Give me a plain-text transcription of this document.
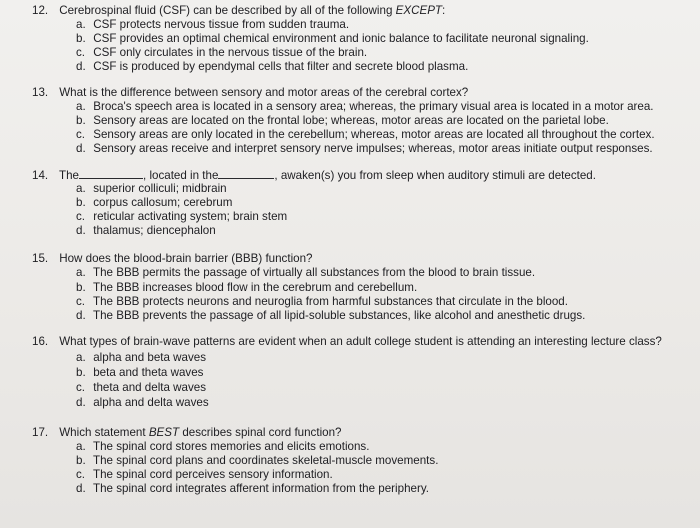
12. Cerebrospinal fluid (CSF) can be described by all of the following EXCEPT:
a. CSF protects nervous tissue from sudden trauma.
b. CSF provides an optimal chemical environment and ionic balance to facilitate neuronal signaling.
c. CSF only circulates in the nervous tissue of the brain.
d. CSF is produced by ependymal cells that filter and secrete blood plasma.
13. What is the difference between sensory and motor areas of the cerebral cortex?
a. Broca's speech area is located in a sensory area; whereas, the primary visual area is located in a motor area.
b. Sensory areas are located on the frontal lobe; whereas, motor areas are located on the parietal lobe.
c. Sensory areas are only located in the cerebellum; whereas, motor areas are located all throughout the cortex.
d. Sensory areas receive and interpret sensory nerve impulses; whereas, motor areas initiate output responses.
14. The	, located in the	, awaken(s) you from sleep when auditory stimuli are detected.
a. superior colliculi; midbrain
b. corpus callosum; cerebrum
c. reticular activating system; brain stem
d. thalamus; diencephalon
15. How does the blood-brain barrier (BBB) function?
a. The BBB permits the passage of virtually all substances from the blood to brain tissue.
b. The BBB increases blood flow in the cerebrum and cerebellum.
c. The BBB protects neurons and neuroglia from harmful substances that circulate in the blood.
d. The BBB prevents the passage of all lipid-soluble substances, like alcohol and anesthetic drugs.
16. What types of brain-wave patterns are evident when an adult college student is attending an interesting lecture class?
a. alpha and beta waves
b. beta and theta waves
c. theta and delta waves
d. alpha and delta waves
17. Which statement BEST describes spinal cord function?
a. The spinal cord stores memories and elicits emotions.
b. The spinal cord plans and coordinates skeletal-muscle movements.
c. The spinal cord perceives sensory information.
d. The spinal cord integrates afferent information from the periphery.
